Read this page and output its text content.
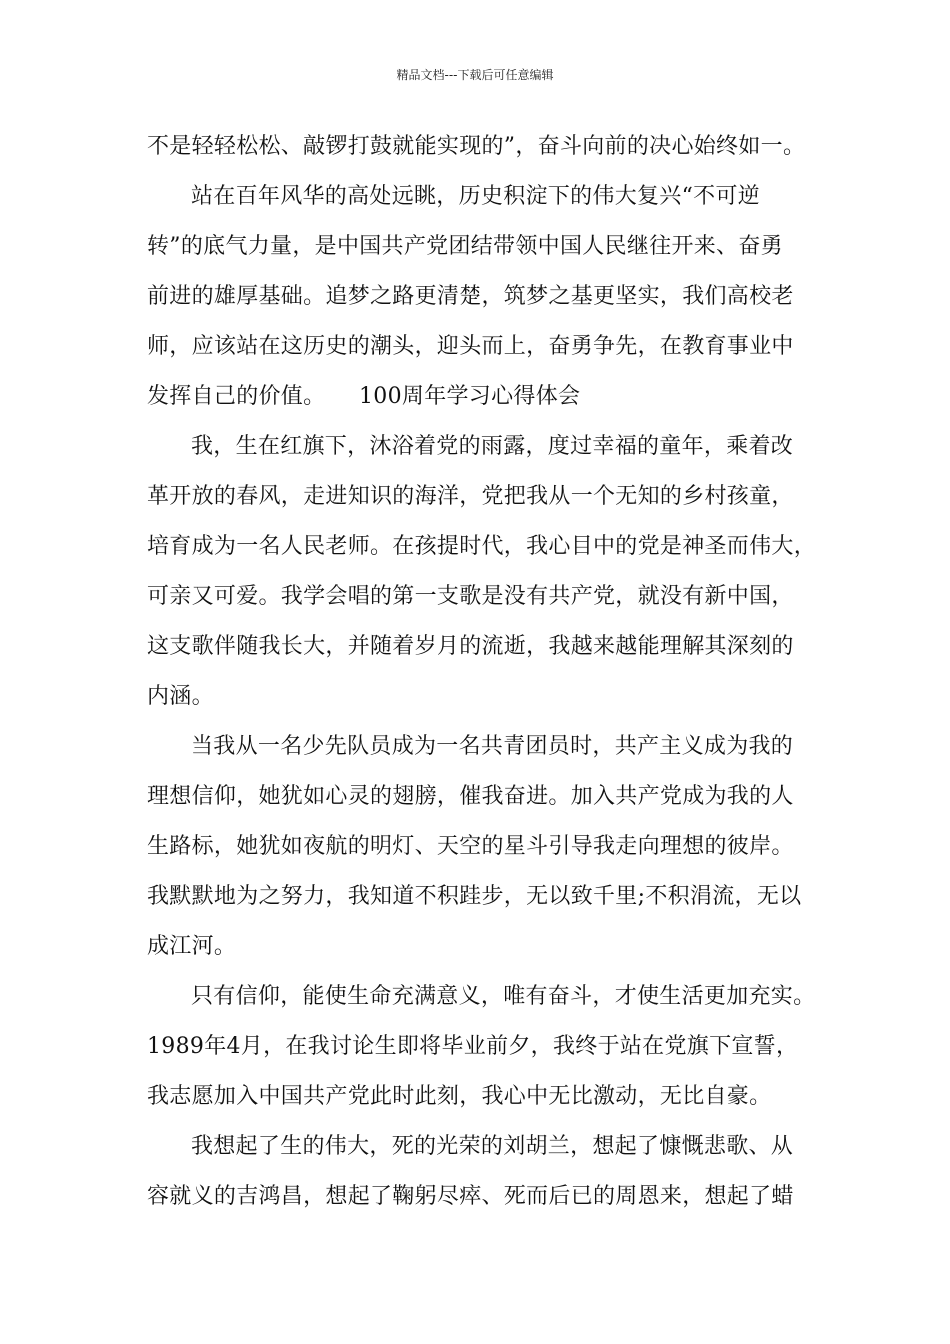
精品文档---下载后可任意编辑
不是轻轻松松、敲锣打鼓就能实现的”，奋斗向前的决心始终如一。
站在百年风华的高处远眺，历史积淀下的伟大复兴“不可逆
转”的底气力量，是中国共产党团结带领中国人民继往开来、奋勇
前进的雄厚基础。追梦之路更清楚，筑梦之基更坚实，我们高校老
师，应该站在这历史的潮头，迎头而上，奋勇争先，在教育事业中
发挥自己的价值。　　100周年学习心得体会
我，生在红旗下，沐浴着党的雨露，度过幸福的童年，乘着改
革开放的春风，走进知识的海洋，党把我从一个无知的乡村孩童，
培育成为一名人民老师。在孩提时代，我心目中的党是神圣而伟大，
可亲又可爱。我学会唱的第一支歌是没有共产党，就没有新中国，
这支歌伴随我长大，并随着岁月的流逝，我越来越能理解其深刻的
内涵。
当我从一名少先队员成为一名共青团员时，共产主义成为我的
理想信仰，她犹如心灵的翅膀，催我奋进。加入共产党成为我的人
生路标，她犹如夜航的明灯、天空的星斗引导我走向理想的彼岸。
我默默地为之努力，我知道不积跬步，无以致千里;不积涓流，无以
成江河。
只有信仰，能使生命充满意义，唯有奋斗，才使生活更加充实。
1989年4月，在我讨论生即将毕业前夕，我终于站在党旗下宣誓，
我志愿加入中国共产党此时此刻，我心中无比激动，无比自豪。
我想起了生的伟大，死的光荣的刘胡兰，想起了慷慨悲歌、从
容就义的吉鸿昌，想起了鞠躬尽瘁、死而后已的周恩来，想起了蜡
